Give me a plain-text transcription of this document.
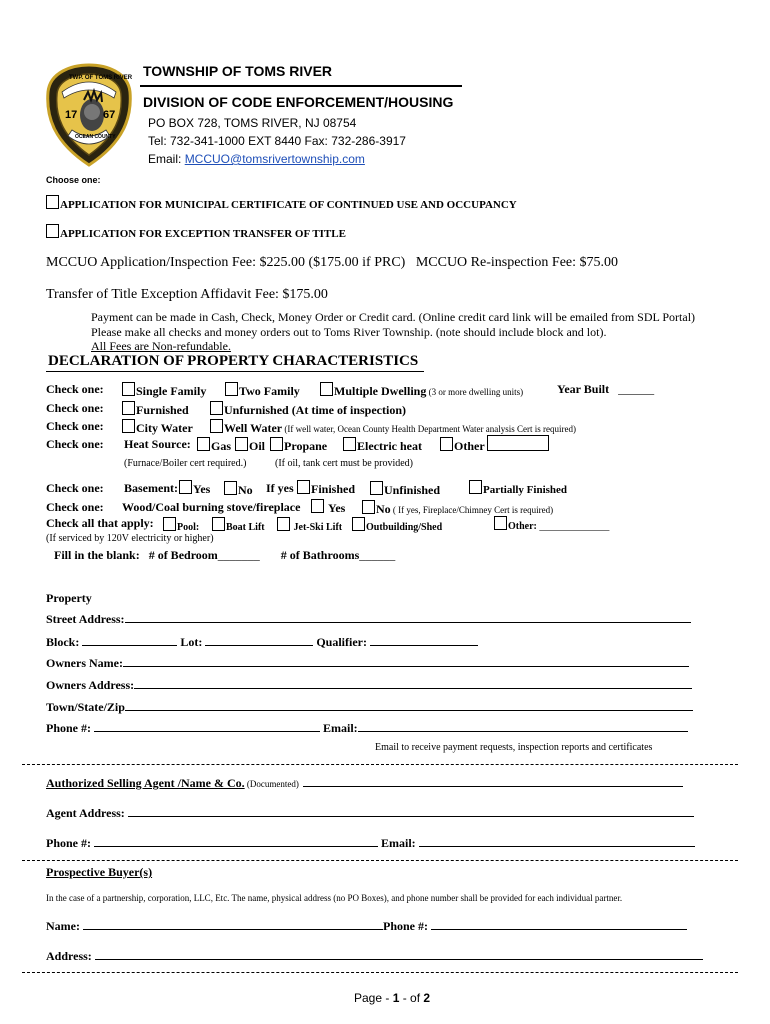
TWP. OF TOMS RIVER
17 67
OCEAN COUNTY
TOWNSHIP OF TOMS RIVER
DIVISION OF CODE ENFORCEMENT/HOUSING
PO BOX 728, TOMS RIVER, NJ 08754
Tel: 732-341-1000 EXT 8440 Fax: 732-286-3917
Email: MCCUO@tomsrivertownship.com
Choose one:
APPLICATION FOR MUNICIPAL CERTIFICATE OF CONTINUED USE AND OCCUPANCY
APPLICATION FOR EXCEPTION TRANSFER OF TITLE
MCCUO Application/Inspection Fee: $225.00 ($175.00 if PRC)   MCCUO Re-inspection Fee: $75.00
Transfer of Title Exception Affidavit Fee: $175.00
Payment can be made in Cash, Check, Money Order or Credit card. (Online credit card link will be emailed from SDL Portal)
Please make all checks and money orders out to Toms River Township. (note should include block and lot).
All Fees are Non-refundable.
DECLARATION OF PROPERTY CHARACTERISTICS
Check one:	Single Family	Two Family	Multiple Dwelling (3 or more dwelling units)	Year Built ______
Check one:	Furnished	Unfurnished (At time of inspection)
Check one:	City Water	Well Water (If well water, Ocean County Health Department Water analysis Cert is required)
Check one: Heat Source:	Gas	Oil	Propane	Electric heat	Other
(Furnace/Boiler cert required.)	(If oil, tank cert must be provided)
Check one: Basement:	Yes	No If yes	Finished	Unfinished	Partially Finished
Check one: Wood/Coal burning stove/fireplace	Yes	No ( If yes, Fireplace/Chimney Cert is required)
Check all that apply:	Pool:	Boat Lift	Jet-Ski Lift	Outbuilding/Shed	Other: ______________
(If serviced by 120V electricity or higher)
Fill in the blank: # of Bedroom_______ # of Bathrooms______
Property
Street Address:
Block:	Lot:	Qualifier:
Owners Name:
Owners Address:
Town/State/Zip
Phone #:	Email:
Email to receive payment requests, inspection reports and certificates
Authorized Selling Agent /Name & Co. (Documented)
Agent Address:
Phone #:	Email:
Prospective Buyer(s)
In the case of a partnership, corporation, LLC, Etc. The name, physical address (no PO Boxes), and phone number shall be provided for each individual partner.
Name:	Phone #:
Address:
Page - 1 - of 2
